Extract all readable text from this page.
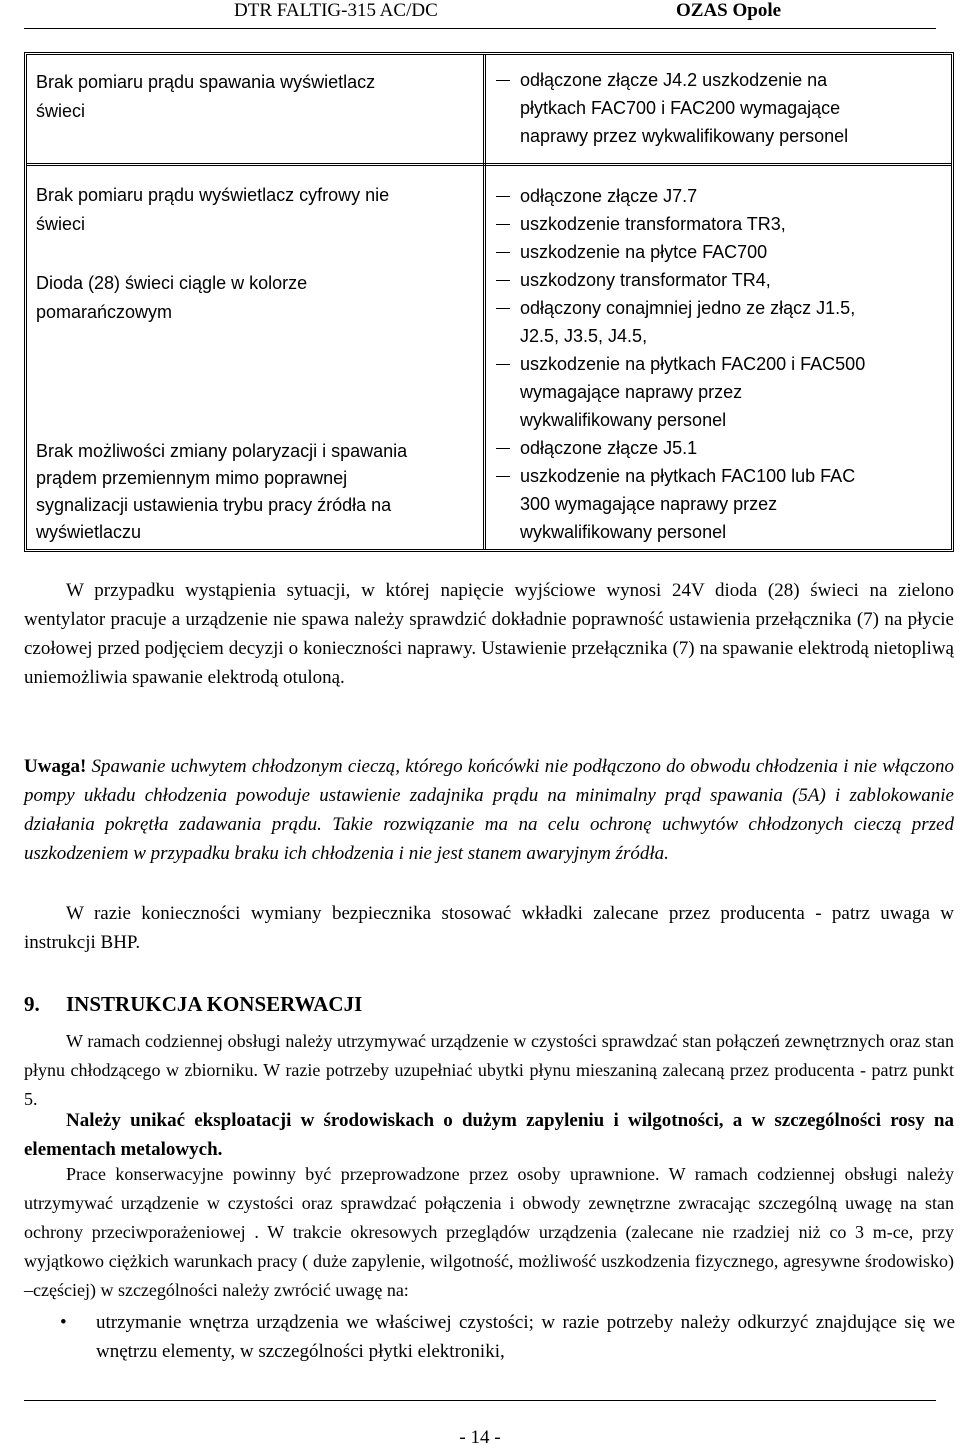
DTR FALTIG-315 AC/DC	OZAS Opole
Brak pomiaru prądu spawania wyświetlacz
świeci
odłączone złącze J4.2 uszkodzenie na
płytkach FAC700 i FAC200 wymagające
naprawy przez wykwalifikowany personel
Brak pomiaru prądu wyświetlacz cyfrowy nie
świeci
Dioda (28) świeci ciągle w kolorze
pomarańczowym
Brak możliwości zmiany polaryzacji i spawania
prądem przemiennym mimo poprawnej
sygnalizacji ustawienia trybu pracy źródła na
wyświetlaczu
odłączone złącze J7.7
uszkodzenie transformatora TR3,
uszkodzenie na płytce FAC700
uszkodzony transformator TR4,
odłączony conajmniej jedno ze złącz J1.5,
J2.5, J3.5, J4.5,
uszkodzenie na płytkach FAC200 i FAC500
wymagające naprawy przez
wykwalifikowany personel
odłączone złącze J5.1
uszkodzenie na płytkach FAC100 lub FAC
300 wymagające naprawy przez
wykwalifikowany personel
W przypadku wystąpienia sytuacji, w której napięcie wyjściowe wynosi 24V dioda (28) świeci na zielono wentylator pracuje a urządzenie nie spawa należy sprawdzić dokładnie poprawność ustawienia przełącznika (7) na płycie czołowej przed podjęciem decyzji o konieczności naprawy. Ustawienie przełącznika (7) na spawanie elektrodą nietopliwą uniemożliwia spawanie elektrodą otuloną.
Uwaga! Spawanie uchwytem chłodzonym cieczą, którego końcówki nie podłączono do obwodu chłodzenia i nie włączono pompy układu chłodzenia powoduje ustawienie zadajnika prądu na minimalny prąd spawania (5A) i zablokowanie działania pokrętła zadawania prądu. Takie rozwiązanie ma na celu ochronę uchwytów chłodzonych cieczą przed uszkodzeniem w przypadku braku ich chłodzenia i nie jest stanem awaryjnym źródła.
W razie konieczności wymiany bezpiecznika stosować wkładki zalecane przez producenta - patrz uwaga w instrukcji BHP.
9. INSTRUKCJA KONSERWACJI
W ramach codziennej obsługi należy utrzymywać urządzenie w czystości sprawdzać stan połączeń zewnętrznych oraz stan płynu chłodzącego w zbiorniku. W razie potrzeby uzupełniać ubytki płynu mieszaniną zalecaną przez producenta - patrz punkt 5.
Należy unikać eksploatacji w środowiskach o dużym zapyleniu i wilgotności, a w szczególności rosy na elementach metalowych.
Prace konserwacyjne powinny być przeprowadzone przez osoby uprawnione. W ramach codziennej obsługi należy utrzymywać urządzenie w czystości oraz sprawdzać połączenia i obwody zewnętrzne zwracając szczególną uwagę na stan ochrony przeciwporażeniowej . W trakcie okresowych przeglądów urządzenia (zalecane nie rzadziej niż co 3 m-ce, przy wyjątkowo ciężkich warunkach pracy ( duże zapylenie, wilgotność, możliwość uszkodzenia fizycznego, agresywne środowisko) –częściej) w szczególności należy zwrócić uwagę na:
• utrzymanie wnętrza urządzenia we właściwej czystości; w razie potrzeby należy odkurzyć znajdujące się we wnętrzu elementy, w szczególności płytki elektroniki,
- 14 -
